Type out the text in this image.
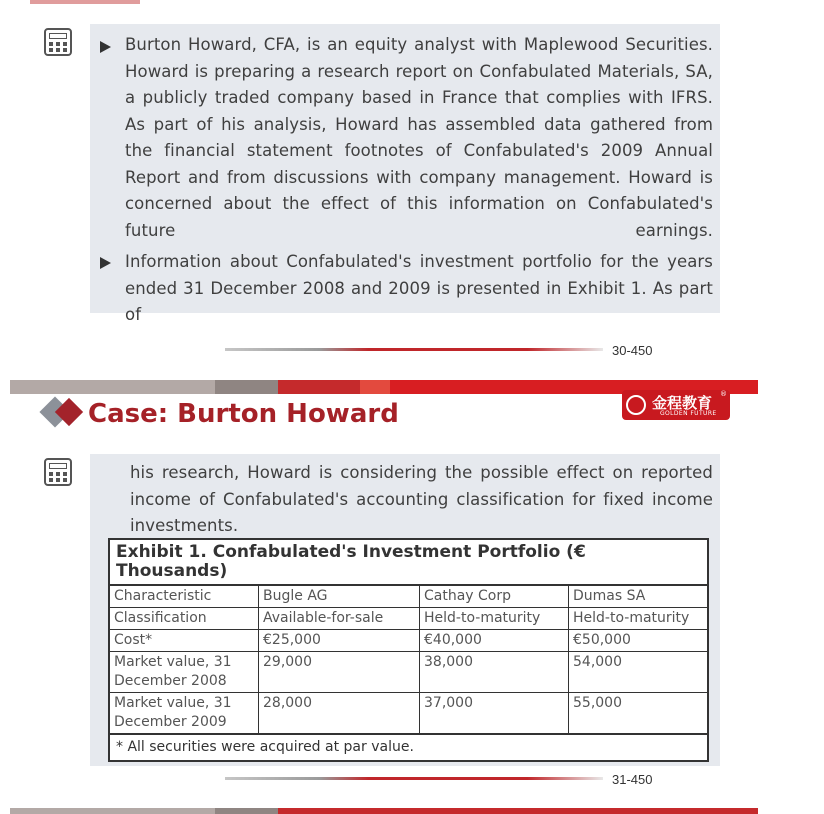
Burton Howard, CFA, is an equity analyst with Maplewood Securities. Howard is preparing a research report on Confabulated Materials, SA, a publicly traded company based in France that complies with IFRS. As part of his analysis, Howard has assembled data gathered from the financial statement footnotes of Confabulated's 2009 Annual Report and from discussions with company management. Howard is concerned about the effect of this information on Confabulated's future earnings.
Information about Confabulated's investment portfolio for the years ended 31 December 2008 and 2009 is presented in Exhibit 1. As part of

30-450
金程教育 ®
GOLDEN FUTURE
Case: Burton Howard
his research, Howard is considering the possible effect on reported income of Confabulated's accounting classification for fixed income investments.
Exhibit 1. Confabulated's Investment Portfolio (€ Thousands)			
Characteristic	Bugle AG	Cathay Corp	Dumas SA
Classification	Available-for-sale	Held-to-maturity	Held-to-maturity
Cost*	€25,000	€40,000	€50,000
Market value, 31 December 2008	29,000	38,000	54,000
Market value, 31 December 2009	28,000	37,000	55,000
* All securities were acquired at par value.			

31-450
